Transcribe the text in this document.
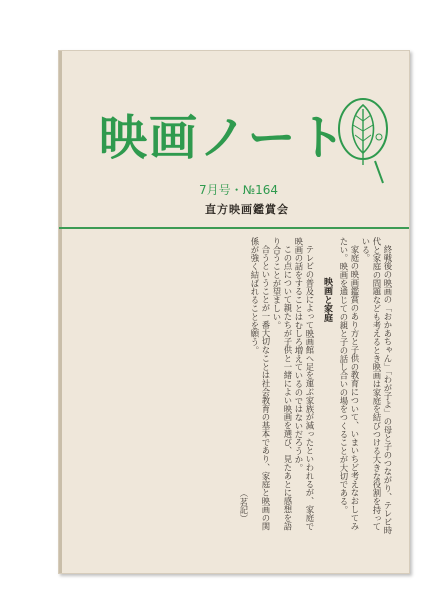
映画ノート
7月号・№164
直方映画鑑賞会
終戦後の映画の「おかあちゃん」「わが子よ」の母と子のつながり、テレビ時代と家庭の問題なども考えるとき映画は家庭を結びつける大きな役割を持っている。
家庭の映画鑑賞のあり方と子供の教育について、いまいちど考えなおしてみたい。映画を通じての親と子の話し合いの場をつくることが大切である。
映画と家庭
テレビの普及によって映画館へ足を運ぶ家族が減ったといわれるが、家庭で映画の話をすることはむしろ増えているのではないだろうか。
この点について親たちが子供と一緒によい映画を選び、見たあとに感想を語り合うことが望ましい。
合うということが一番大切なことは社会教育の基本であり、家庭と映画の関係が強く結ばれることを願う。
（茗記）
